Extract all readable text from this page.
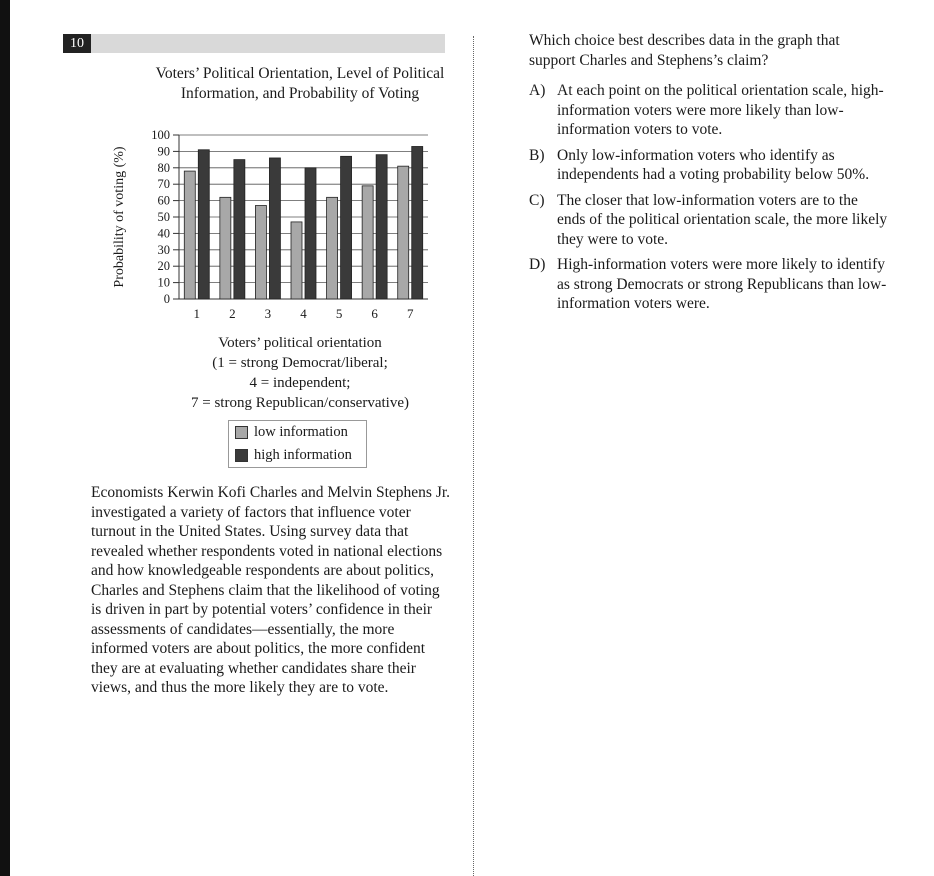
10
Voters’ Political Orientation, Level of Political Information, and Probability of Voting
0
10
20
30
40
50
60
70
80
90
100
Probability of voting (%)
1 2 3 4 5 6 7
Voters’ political orientation
(1 = strong Democrat/liberal;
4 = independent;
7 = strong Republican/conservative)
low information
high information
Economists Kerwin Kofi Charles and Melvin Stephens Jr. investigated a variety of factors that influence voter turnout in the United States. Using survey data that revealed whether respondents voted in national elections and how knowledgeable respondents are about politics, Charles and Stephens claim that the likelihood of voting is driven in part by potential voters’ confidence in their assessments of candidates—essentially, the more informed voters are about politics, the more confident they are at evaluating whether candidates share their views, and thus the more likely they are to vote.
Which choice best describes data in the graph that support Charles and Stephens’s claim?
A) At each point on the political orientation scale, high-information voters were more likely than low-information voters to vote.
B) Only low-information voters who identify as independents had a voting probability below 50%.
C) The closer that low-information voters are to the ends of the political orientation scale, the more likely they were to vote.
D) High-information voters were more likely to identify as strong Democrats or strong Republicans than low-information voters were.
